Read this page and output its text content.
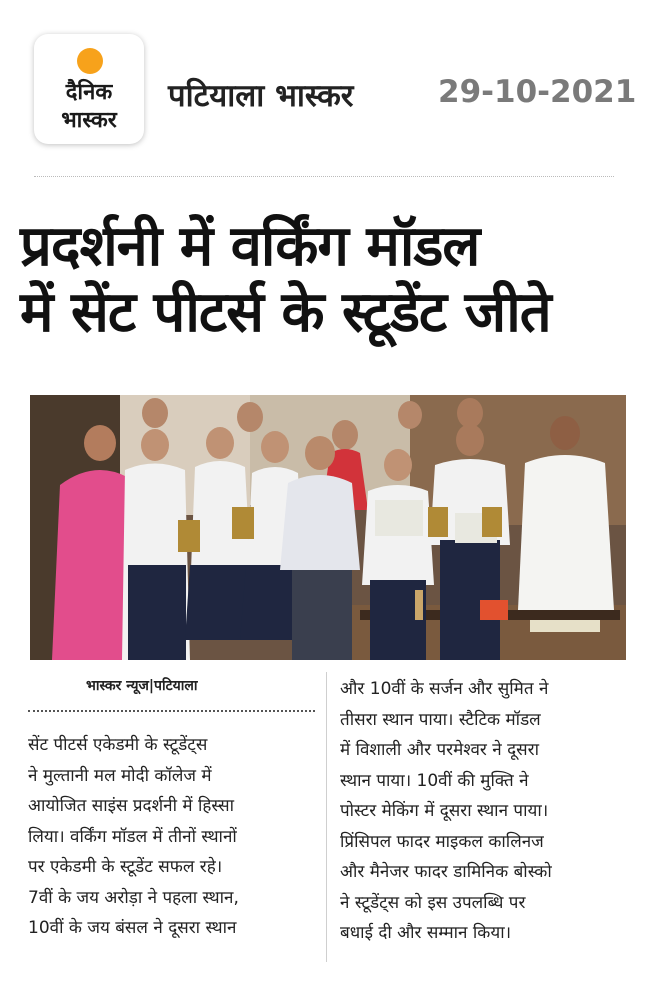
दैनिक
भास्कर
पटियाला भास्कर	29-10-2021
प्रदर्शनी में वर्किंग मॉडल
में सेंट पीटर्स के स्टूडेंट जीते
भास्कर न्यूज|पटियाला
सेंट पीटर्स एकेडमी के स्टूडेंट्स
ने मुल्तानी मल मोदी कॉलेज में
आयोजित साइंस प्रदर्शनी में हिस्सा
लिया। वर्किंग मॉडल में तीनों स्थानों
पर एकेडमी के स्टूडेंट सफल रहे।
7वीं के जय अरोड़ा ने पहला स्थान,
10वीं के जय बंसल ने दूसरा स्थान
और 10वीं के सर्जन और सुमित ने
तीसरा स्थान पाया। स्टैटिक मॉडल
में विशाली और परमेश्वर ने दूसरा
स्थान पाया। 10वीं की मुक्ति ने
पोस्टर मेकिंग में दूसरा स्थान पाया।
प्रिंसिपल फादर माइकल कालिनज
और मैनेजर फादर डामिनिक बोस्को
ने स्टूडेंट्स को इस उपलब्धि पर
बधाई दी और सम्मान किया।
